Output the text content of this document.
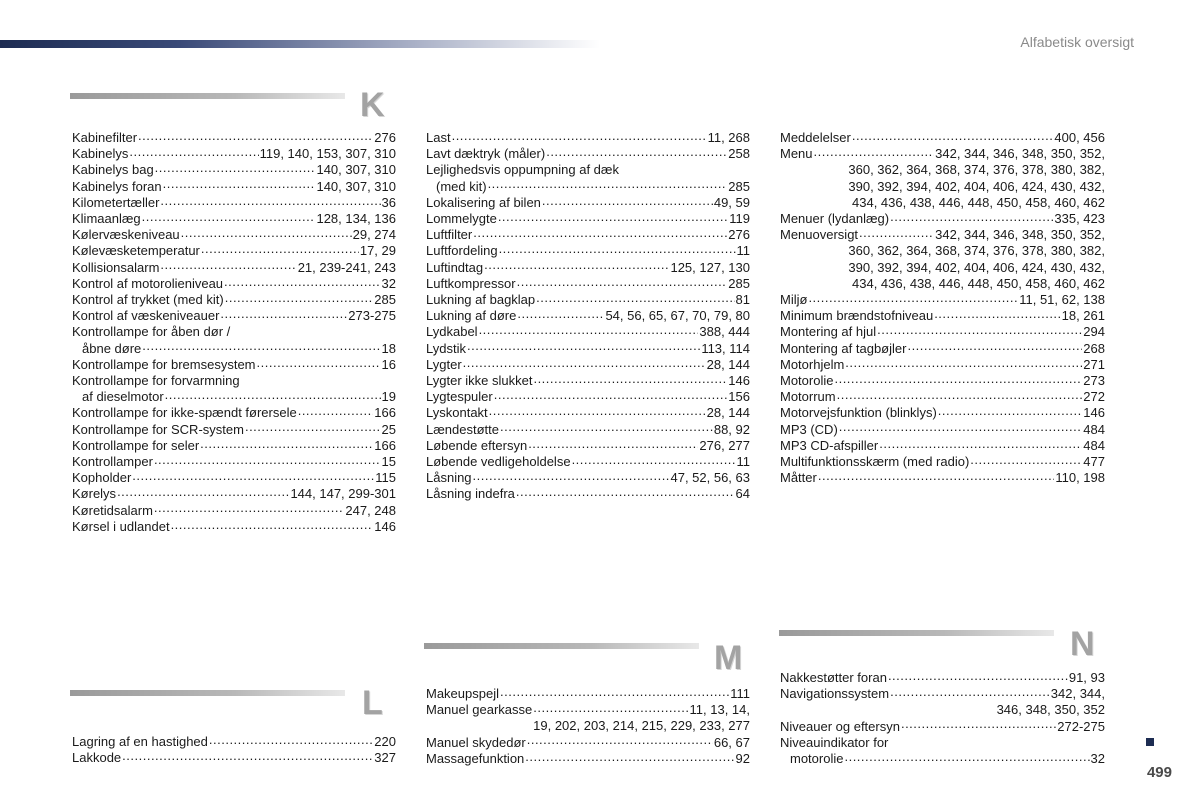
Alfabetisk oversigt
K
Kabinefilter .....	276
Kabinelys .....	119, 140, 153, 307, 310
Kabinelys bag .....	140, 307, 310
Kabinelys foran .....	140, 307, 310
Kilometertæller .....	36
Klimaanlæg .....	128, 134, 136
Kølervæskeniveau .....	29, 274
Kølevæsketemperatur .....	17, 29
Kollisionsalarm .....	21, 239-241, 243
Kontrol af motorolieniveau .....	32
Kontrol af trykket (med kit) .....	285
Kontrol af væskeniveauer .....	273-275
Kontrollampe for åben dør /
åbne døre .....	18
Kontrollampe for bremsesystem .....	16
Kontrollampe for forvarmning
af dieselmotor .....	19
Kontrollampe for ikke-spændt førersele .....	166
Kontrollampe for SCR-system .....	25
Kontrollampe for seler .....	166
Kontrollamper .....	15
Kopholder .....	115
Kørelys .....	144, 147, 299-301
Køretidsalarm .....	247, 248
Kørsel i udlandet .....	146
Last .....	11, 268
Lavt dæktryk (måler) .....	258
Lejlighedsvis oppumpning af dæk
(med kit) .....	285
Lokalisering af bilen .....	49, 59
Lommelygte .....	119
Luftfilter .....	276
Luftfordeling .....	11
Luftindtag .....	125, 127, 130
Luftkompressor .....	285
Lukning af bagklap .....	81
Lukning af døre .....	54, 56, 65, 67, 70, 79, 80
Lydkabel .....	388, 444
Lydstik .....	113, 114
Lygter .....	28, 144
Lygter ikke slukket .....	146
Lygtespuler .....	156
Lyskontakt .....	28, 144
Lændestøtte .....	88, 92
Løbende eftersyn .....	276, 277
Løbende vedligeholdelse .....	11
Låsning .....	47, 52, 56, 63
Låsning indefra .....	64
Meddelelser .....	400, 456
Menu .....	342, 344, 346, 348, 350, 352,
360, 362, 364, 368, 374, 376, 378, 380, 382,
390, 392, 394, 402, 404, 406, 424, 430, 432,
434, 436, 438, 446, 448, 450, 458, 460, 462
Menuer (lydanlæg) .....	335, 423
Menuoversigt .....	342, 344, 346, 348, 350, 352,
360, 362, 364, 368, 374, 376, 378, 380, 382,
390, 392, 394, 402, 404, 406, 424, 430, 432,
434, 436, 438, 446, 448, 450, 458, 460, 462
Miljø .....	11, 51, 62, 138
Minimum brændstofniveau .....	18, 261
Montering af hjul .....	294
Montering af tagbøjler .....	268
Motorhjelm .....	271
Motorolie .....	273
Motorrum .....	272
Motorvejsfunktion (blinklys) .....	146
MP3 (CD) .....	484
MP3 CD-afspiller .....	484
Multifunktionsskærm (med radio) .....	477
Måtter .....	110, 198
L
Lagring af en hastighed .....	220
Lakkode .....	327
M
Makeupspejl .....	111
Manuel gearkasse .....	11, 13, 14,
19, 202, 203, 214, 215, 229, 233, 277
Manuel skydedør .....	66, 67
Massagefunktion .....	92
N
Nakkestøtter foran .....	91, 93
Navigationssystem .....	342, 344,
346, 348, 350, 352
Niveauer og eftersyn .....	272-275
Niveauindikator for
motorolie .....	32
499
